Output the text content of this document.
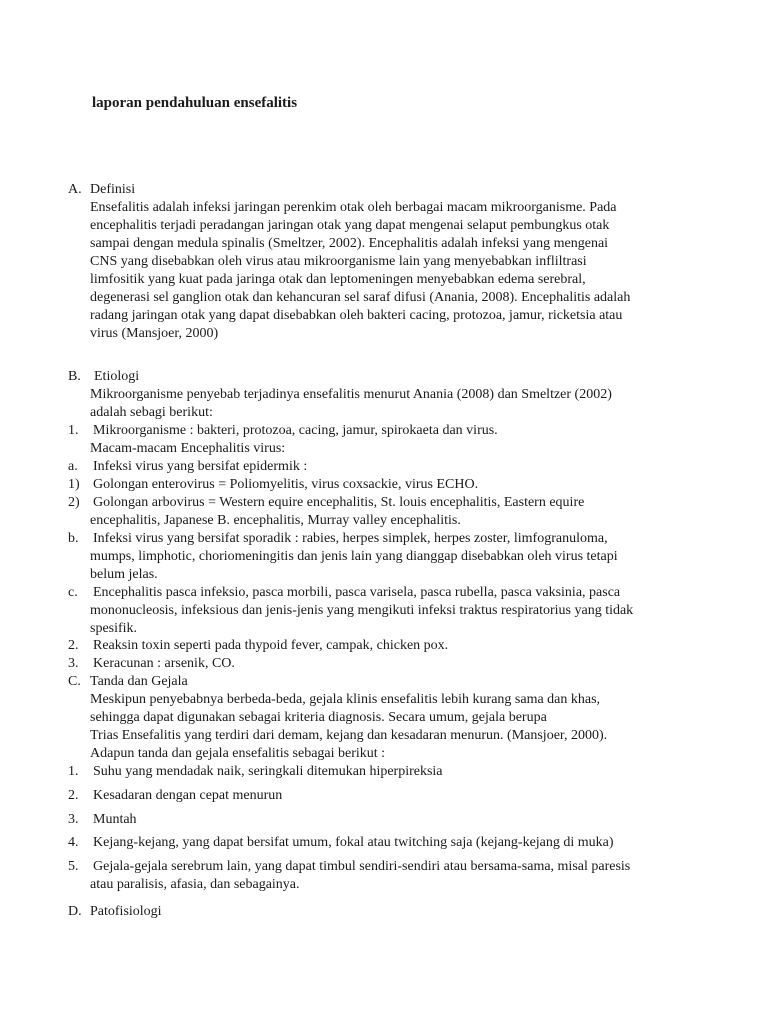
laporan pendahuluan ensefalitis
A. Definisi
Ensefalitis adalah infeksi jaringan perenkim otak oleh berbagai macam mikroorganisme. Pada
encephalitis terjadi peradangan jaringan otak yang dapat mengenai selaput pembungkus otak
sampai dengan medula spinalis (Smeltzer, 2002). Encephalitis adalah infeksi yang mengenai
CNS yang disebabkan oleh virus atau mikroorganisme lain yang menyebabkan infliltrasi
limfositik yang kuat pada jaringa otak dan leptomeningen menyebabkan edema serebral,
degenerasi sel ganglion otak dan kehancuran sel saraf difusi (Anania, 2008). Encephalitis adalah
radang jaringan otak yang dapat disebabkan oleh bakteri cacing, protozoa, jamur, ricketsia atau
virus (Mansjoer, 2000)
B. Etiologi
Mikroorganisme penyebab terjadinya ensefalitis menurut Anania (2008) dan Smeltzer (2002)
adalah sebagi berikut:
1. Mikroorganisme : bakteri, protozoa, cacing, jamur, spirokaeta dan virus.
Macam-macam Encephalitis virus:
a. Infeksi virus yang bersifat epidermik :
1) Golongan enterovirus = Poliomyelitis, virus coxsackie, virus ECHO.
2) Golongan arbovirus = Western equire encephalitis, St. louis encephalitis, Eastern equire
encephalitis, Japanese B. encephalitis, Murray valley encephalitis.
b. Infeksi virus yang bersifat sporadik : rabies, herpes simplek, herpes zoster, limfogranuloma,
mumps, limphotic, choriomeningitis dan jenis lain yang dianggap disebabkan oleh virus tetapi
belum jelas.
c. Encephalitis pasca infeksio, pasca morbili, pasca varisela, pasca rubella, pasca vaksinia, pasca
mononucleosis, infeksious dan jenis-jenis yang mengikuti infeksi traktus respiratorius yang tidak
spesifik.
2. Reaksin toxin seperti pada thypoid fever, campak, chicken pox.
3. Keracunan : arsenik, CO.
C. Tanda dan Gejala
Meskipun penyebabnya berbeda-beda, gejala klinis ensefalitis lebih kurang sama dan khas,
sehingga dapat digunakan sebagai kriteria diagnosis. Secara umum, gejala berupa
Trias Ensefalitis yang terdiri dari demam, kejang dan kesadaran menurun. (Mansjoer, 2000).
Adapun tanda dan gejala ensefalitis sebagai berikut :
1. Suhu yang mendadak naik, seringkali ditemukan hiperpireksia
2. Kesadaran dengan cepat menurun
3. Muntah
4. Kejang-kejang, yang dapat bersifat umum, fokal atau twitching saja (kejang-kejang di muka)
5. Gejala-gejala serebrum lain, yang dapat timbul sendiri-sendiri atau bersama-sama, misal paresis
atau paralisis, afasia, dan sebagainya.
D. Patofisiologi
